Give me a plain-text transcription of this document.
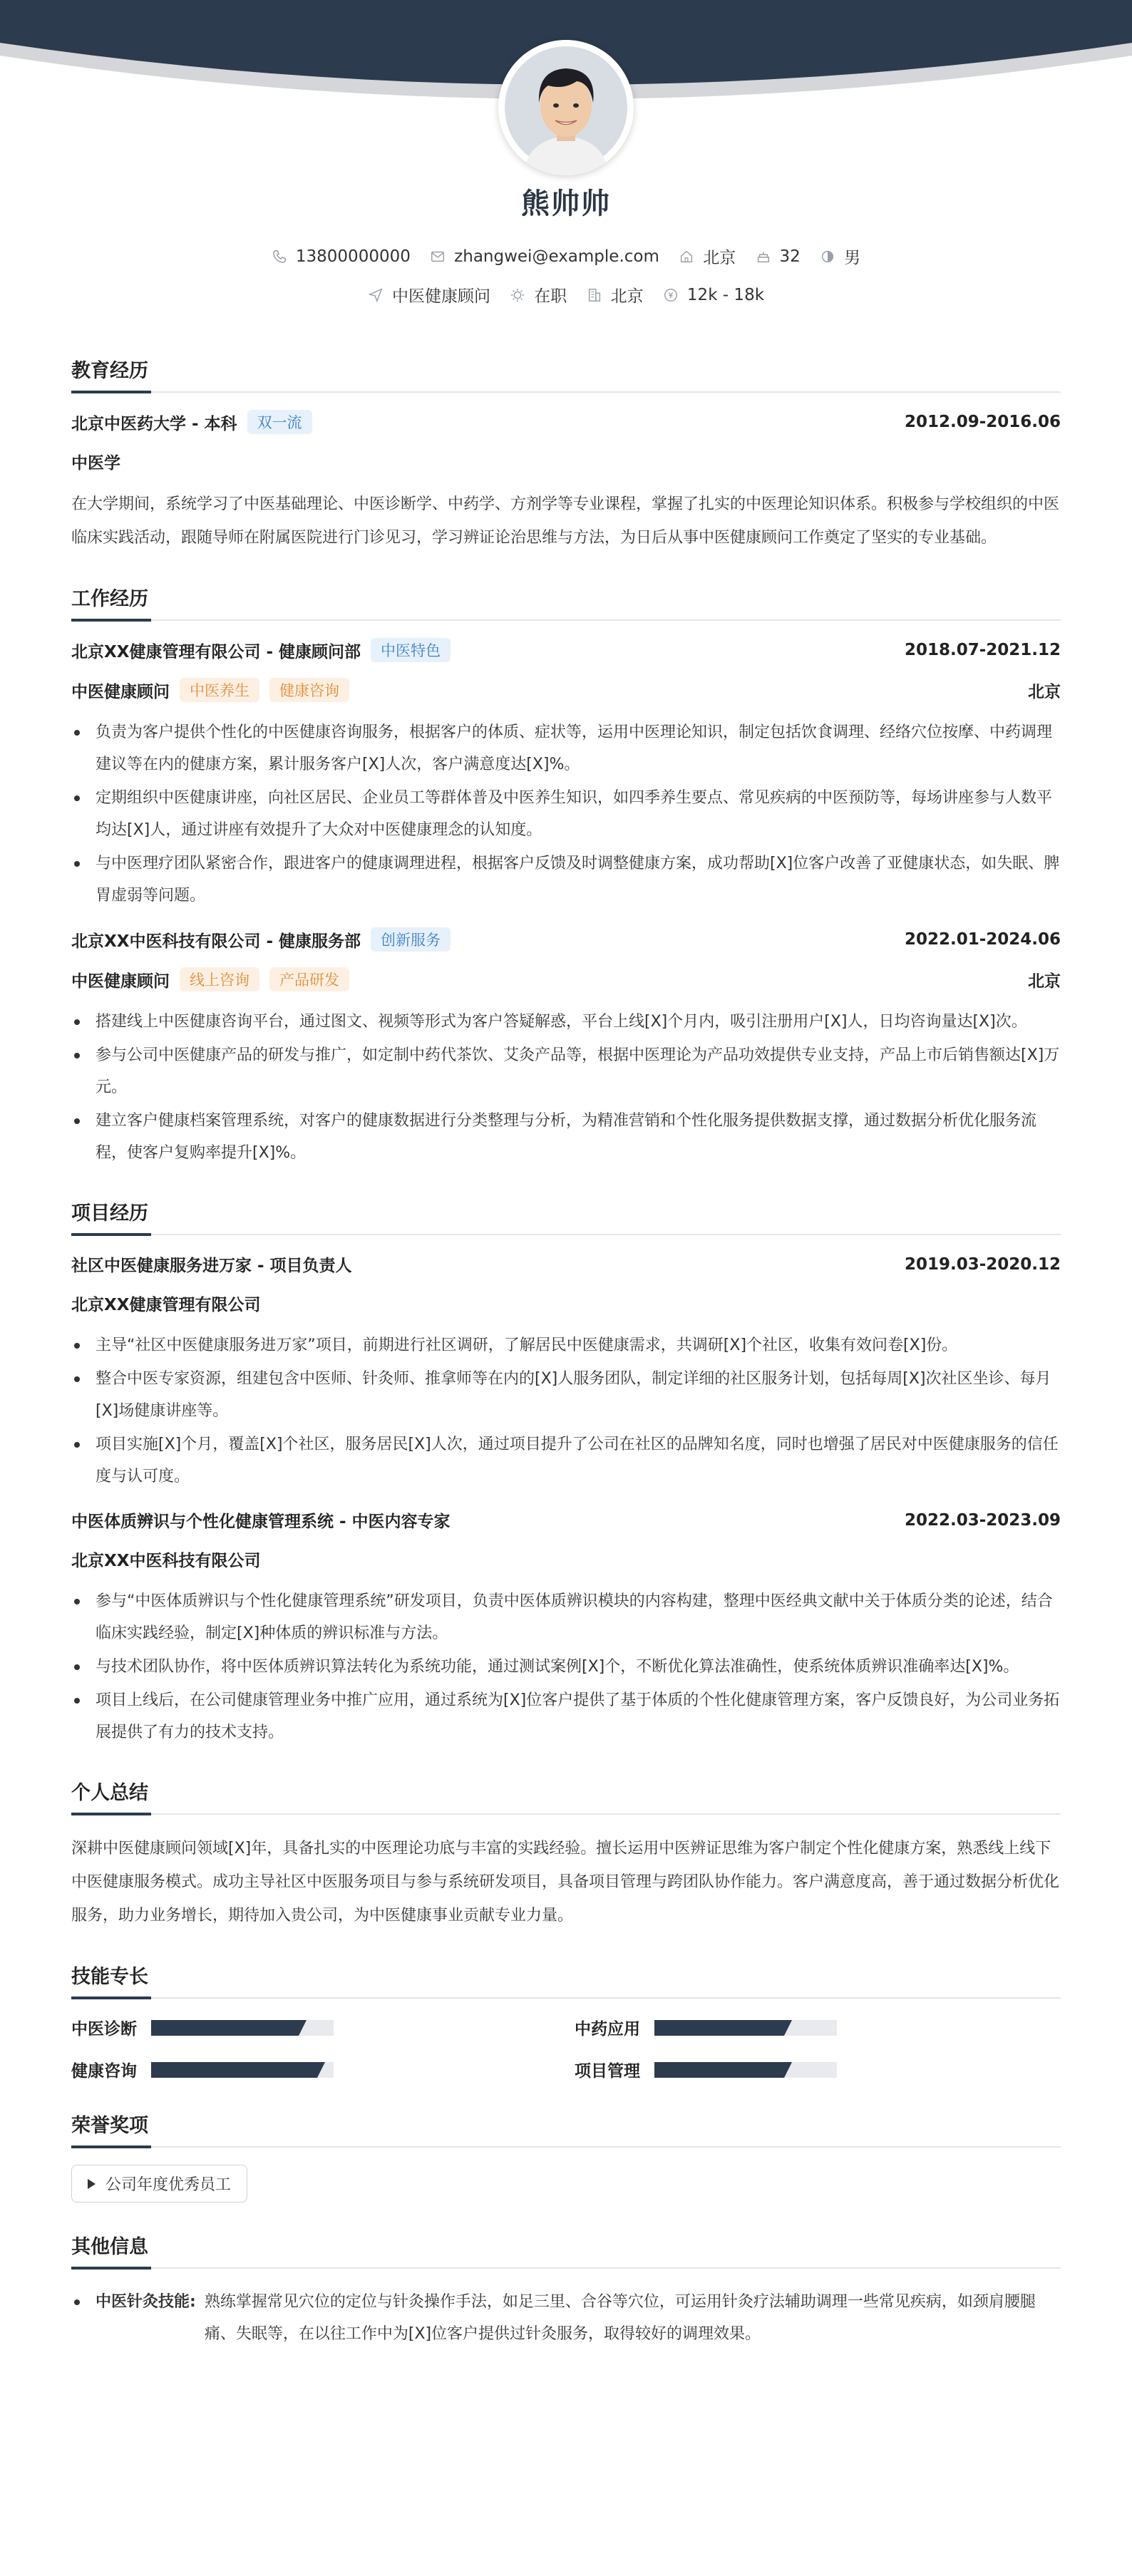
熊帅帅
13800000000
	zhangwei@example.com
	北京
	32
	男
中医健康顾问
	在职
	北京
	12k - 18k
教育经历
北京中医药大学 - 本科	双一流	2012.09-2016.06
中医学

在大学期间，系统学习了中医基础理论、中医诊断学、中药学、方剂学等专业课程，掌握了扎实的中医理论知识体系。积极参与学校组织的中医临床实践活动，跟随导师在附属医院进行门诊见习，学习辨证论治思维与方法，为日后从事中医健康顾问工作奠定了坚实的专业基础。

工作经历
北京XX健康管理有限公司 - 健康顾问部	中医特色	2018.07-2021.12
中医健康顾问	中医养生	健康咨询	北京
负责为客户提供个性化的中医健康咨询服务，根据客户的体质、症状等，运用中医理论知识，制定包括饮食调理、经络穴位按摩、中药调理建议等在内的健康方案，累计服务客户[X]人次，客户满意度达[X]%。
定期组织中医健康讲座，向社区居民、企业员工等群体普及中医养生知识，如四季养生要点、常见疾病的中医预防等，每场讲座参与人数平均达[X]人，通过讲座有效提升了大众对中医健康理念的认知度。
与中医理疗团队紧密合作，跟进客户的健康调理进程，根据客户反馈及时调整健康方案，成功帮助[X]位客户改善了亚健康状态，如失眠、脾胃虚弱等问题。
北京XX中医科技有限公司 - 健康服务部	创新服务	2022.01-2024.06
中医健康顾问	线上咨询	产品研发	北京
搭建线上中医健康咨询平台，通过图文、视频等形式为客户答疑解惑，平台上线[X]个月内，吸引注册用户[X]人，日均咨询量达[X]次。
参与公司中医健康产品的研发与推广，如定制中药代茶饮、艾灸产品等，根据中医理论为产品功效提供专业支持，产品上市后销售额达[X]万元。
建立客户健康档案管理系统，对客户的健康数据进行分类整理与分析，为精准营销和个性化服务提供数据支撑，通过数据分析优化服务流程，使客户复购率提升[X]%。
项目经历
社区中医健康服务进万家 - 项目负责人	2019.03-2020.12
北京XX健康管理有限公司
主导“社区中医健康服务进万家”项目，前期进行社区调研，了解居民中医健康需求，共调研[X]个社区，收集有效问卷[X]份。
整合中医专家资源，组建包含中医师、针灸师、推拿师等在内的[X]人服务团队，制定详细的社区服务计划，包括每周[X]次社区坐诊、每月[X]场健康讲座等。
项目实施[X]个月，覆盖[X]个社区，服务居民[X]人次，通过项目提升了公司在社区的品牌知名度，同时也增强了居民对中医健康服务的信任度与认可度。
中医体质辨识与个性化健康管理系统 - 中医内容专家	2022.03-2023.09
北京XX中医科技有限公司
参与“中医体质辨识与个性化健康管理系统”研发项目，负责中医体质辨识模块的内容构建，整理中医经典文献中关于体质分类的论述，结合临床实践经验，制定[X]种体质的辨识标准与方法。
与技术团队协作，将中医体质辨识算法转化为系统功能，通过测试案例[X]个，不断优化算法准确性，使系统体质辨识准确率达[X]%。
项目上线后，在公司健康管理业务中推广应用，通过系统为[X]位客户提供了基于体质的个性化健康管理方案，客户反馈良好，为公司业务拓展提供了有力的技术支持。
个人总结

深耕中医健康顾问领域[X]年，具备扎实的中医理论功底与丰富的实践经验。擅长运用中医辨证思维为客户制定个性化健康方案，熟悉线上线下中医健康服务模式。成功主导社区中医服务项目与参与系统研发项目，具备项目管理与跨团队协作能力。客户满意度高，善于通过数据分析优化服务，助力业务增长，期待加入贵公司，为中医健康事业贡献专业力量。

技能专长
中医诊断	中药应用
健康咨询	项目管理
荣誉奖项
公司年度优秀员工
其他信息
中医针灸技能: 熟练掌握常见穴位的定位与针灸操作手法，如足三里、合谷等穴位，可运用针灸疗法辅助调理一些常见疾病，如颈肩腰腿痛、失眠等，在以往工作中为[X]位客户提供过针灸服务，取得较好的调理效果。
